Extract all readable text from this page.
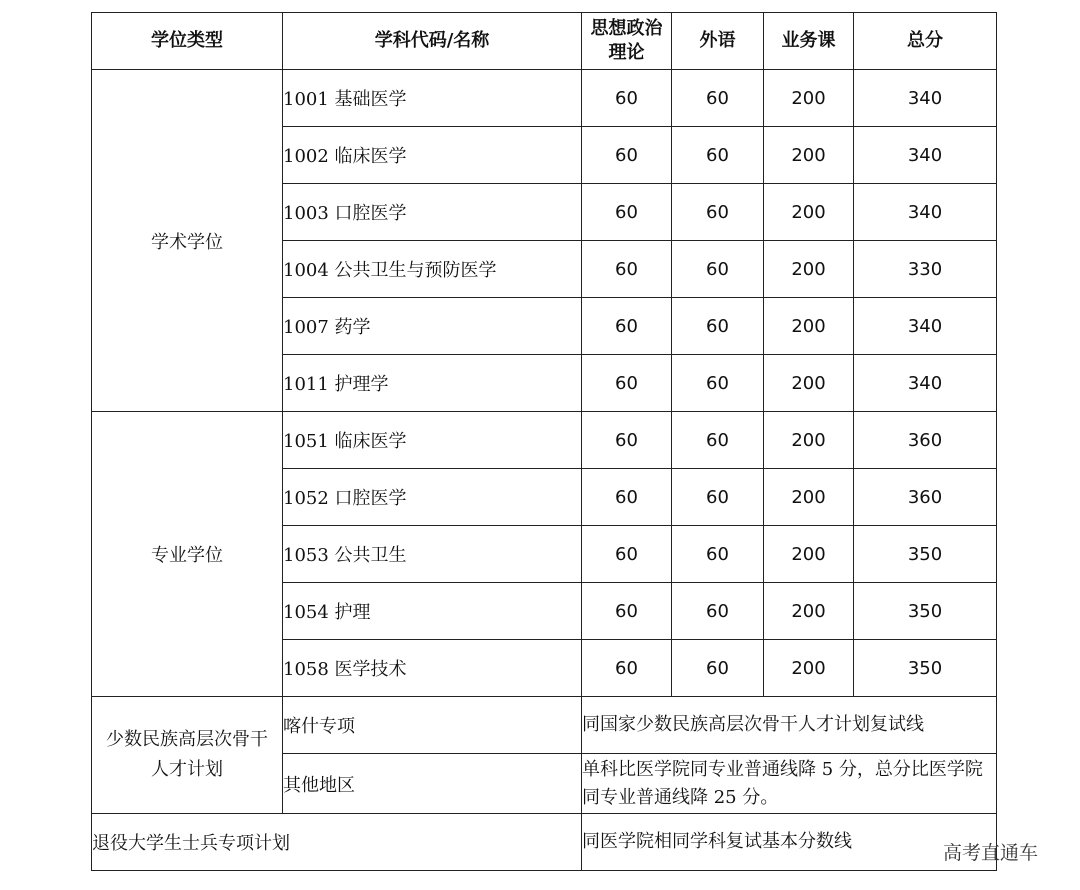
学位类型	学科代码/名称	思想政治理论	外语	业务课	总分
学术学位	1001 基础医学	60	60	200	340
	1002 临床医学	60	60	200	340
	1003 口腔医学	60	60	200	340
	1004 公共卫生与预防医学	60	60	200	330
	1007 药学	60	60	200	340
	1011 护理学	60	60	200	340
专业学位	1051 临床医学	60	60	200	360
	1052 口腔医学	60	60	200	360
	1053 公共卫生	60	60	200	350
	1054 护理	60	60	200	350
	1058 医学技术	60	60	200	350
少数民族高层次骨干人才计划	喀什专项	同国家少数民族高层次骨干人才计划复试线			
	其他地区	单科比医学院同专业普通线降 5 分，总分比医学院同专业普通线降 25 分。			
退役大学生士兵专项计划		同医学院相同学科复试基本分数线			
高考直通车
